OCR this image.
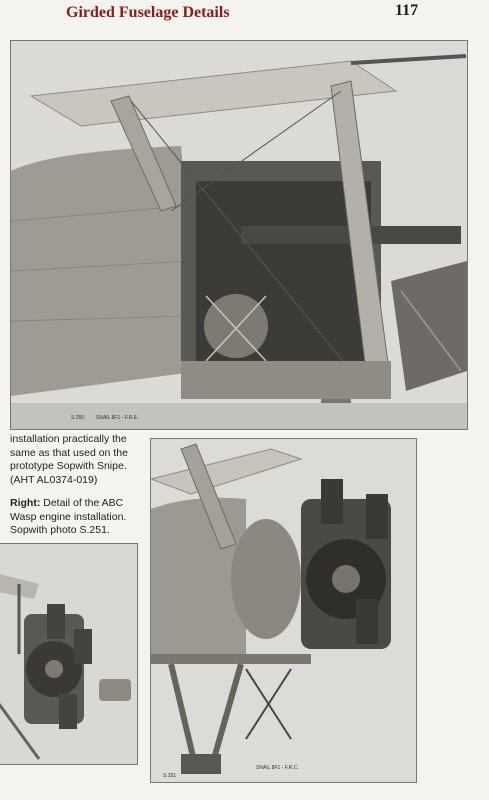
Girded Fuselage Details	117
S.250 SNAIL 8F1 - F.R.E.

installation practically the same as that used on the prototype Sopwith Snipe. (AHT AL0374-019)

Right: Detail of the ABC Wasp engine installation. Sopwith photo S.251.

S.251
SNAIL 8F1 - F.R.C.
